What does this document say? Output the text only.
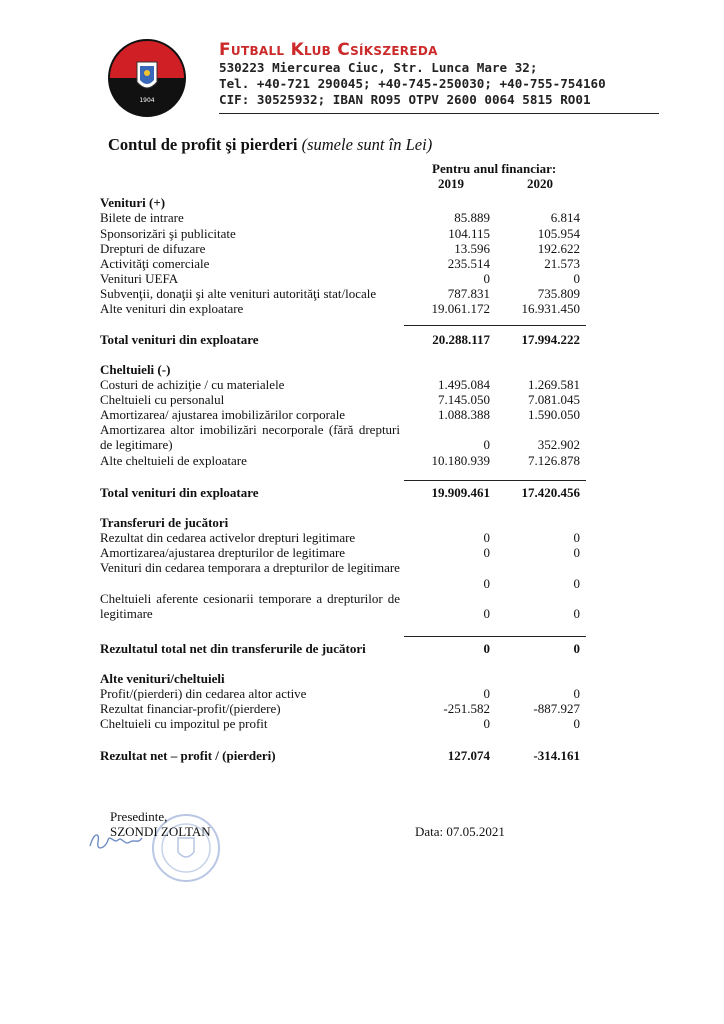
1904
Futball Klub Csíkszereda
530223 Miercurea Ciuc, Str. Lunca Mare 32;
Tel. +40-721 290045; +40-745-250030; +40-755-754160
CIF: 30525932; IBAN RO95 OTPV 2600 0064 5815 RO01
Contul de profit şi pierderi (sumele sunt în Lei)
Pentru anul financiar:
2019	2020
Venituri (+)
Bilete de intrare	85.889	6.814
Sponsorizări şi publicitate	104.115	105.954
Drepturi de difuzare	13.596	192.622
Activităţi comerciale	235.514	21.573
Venituri UEFA	0	0
Subvenţii, donaţii şi alte venituri autorităţi stat/locale	787.831	735.809
Alte venituri din exploatare	19.061.172 16.931.450
Total venituri din exploatare	20.288.117 17.994.222
Cheltuieli (-)
Costuri de achiziţie / cu materialele	1.495.084	1.269.581
Cheltuieli cu personalul	7.145.050	7.081.045
Amortizarea/ ajustarea imobilizărilor corporale	1.088.388	1.590.050
Amortizarea altor imobilizări necorporale (fără drepturi de legitimare)	0	352.902
Alte cheltuieli de exploatare	10.180.939	7.126.878
Total venituri din exploatare	19.909.461 17.420.456
Transferuri de jucători
Rezultat din cedarea activelor drepturi legitimare	0	0
Amortizarea/ajustarea drepturilor de legitimare	0	0
Venituri din cedarea temporara a drepturilor de legitimare
0	0
Cheltuieli aferente cesionarii temporare a drepturilor de legitimare	0	0
Rezultatul total net din transferurile de jucători	0	0
Alte venituri/cheltuieli
Profit/(pierderi) din cedarea altor active	0	0
Rezultat financiar-profit/(pierdere)	-251.582	-887.927
Cheltuieli cu impozitul pe profit	0	0
Rezultat net – profit / (pierderi)	127.074	-314.161
Presedinte,
SZONDI ZOLTAN	Data: 07.05.2021
